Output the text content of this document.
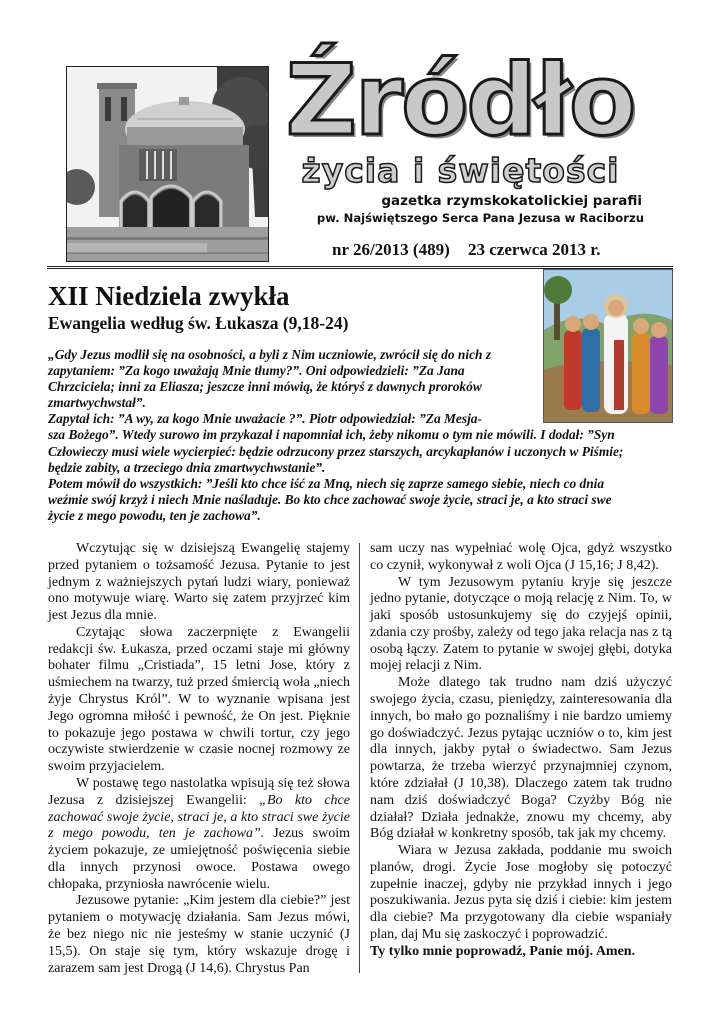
Źródło
życia i świętości
gazetka rzymskokatolickiej parafii
pw. Najświętszego Serca Pana Jezusa w Raciborzu
nr 26/2013 (489) 23 czerwca 2013 r.
XII Niedziela zwykła
Ewangelia według św. Łukasza (9,18-24)
„Gdy Jezus modlił się na osobności, a byli z Nim uczniowie, zwrócił się do nich z
zapytaniem: ”Za kogo uważają Mnie tłumy?”. Oni odpowiedzieli: ”Za Jana
Chrzciciela; inni za Eliasza; jeszcze inni mówią, że któryś z dawnych proroków
zmartwychwstał”.
Zapytał ich: ”A wy, za kogo Mnie uważacie ?”. Piotr odpowiedział: ”Za Mesja-
sza Bożego”. Wtedy surowo im przykazał i napomniał ich, żeby nikomu o tym nie mówili. I dodał: ”Syn
Człowieczy musi wiele wycierpieć: będzie odrzucony przez starszych, arcykapłanów i uczonych w Piśmie;
będzie zabity, a trzeciego dnia zmartwychwstanie”.
Potem mówił do wszystkich: ”Jeśli kto chce iść za Mną, niech się zaprze samego siebie, niech co dnia
weźmie swój krzyż i niech Mnie naśladuje. Bo kto chce zachować swoje życie, straci je, a kto straci swe
życie z mego powodu, ten je zachowa”.

Wczytując się w dzisiejszą Ewangelię stajemy przed pytaniem o tożsamość Jezusa. Pytanie to jest jednym z ważniejszych pytań ludzi wiary, ponieważ ono motywuje wiarę. Warto się zatem przyjrzeć kim jest Jezus dla mnie.

Czytając słowa zaczerpnięte z Ewangelii redakcji św. Łukasza, przed oczami staje mi główny bohater filmu „Cristiada”, 15 letni Jose, który z uśmiechem na twarzy, tuż przed śmiercią woła „niech żyje Chrystus Król”. W to wyznanie wpisana jest Jego ogromna miłość i pewność, że On jest. Pięknie to pokazuje jego postawa w chwili tortur, czy jego oczywiste stwierdzenie w czasie nocnej rozmowy ze swoim przyjacielem.

W postawę tego nastolatka wpisują się też słowa Jezusa z dzisiejszej Ewangelii: „Bo kto chce zachować swoje życie, straci je, a kto straci swe życie z mego powodu, ten je zachowa”. Jezus swoim życiem pokazuje, ze umiejętność poświęcenia siebie dla innych przynosi owoce. Postawa owego chłopaka, przyniosła nawrócenie wielu.

Jezusowe pytanie: „Kim jestem dla ciebie?” jest pytaniem o motywację działania. Sam Jezus mówi, że bez niego nic nie jesteśmy w stanie uczynić (J 15,5). On staje się tym, który wskazuje drogę i zarazem sam jest Drogą (J 14,6). Chrystus Pan

sam uczy nas wypełniać wolę Ojca, gdyż wszystko co czynił, wykonywał z woli Ojca (J 15,16; J 8,42).

W tym Jezusowym pytaniu kryje się jeszcze jedno pytanie, dotyczące o moją relację z Nim. To, w jaki sposób ustosunkujemy się do czyjejś opinii, zdania czy prośby, zależy od tego jaka relacja nas z tą osobą łączy. Zatem to pytanie w swojej głębi, dotyka mojej relacji z Nim.

Może dlatego tak trudno nam dziś użyczyć swojego życia, czasu, pieniędzy, zainteresowania dla innych, bo mało go poznaliśmy i nie bardzo umiemy go doświadczyć. Jezus pytając uczniów o to, kim jest dla innych, jakby pytał o świadectwo. Sam Jezus powtarza, że trzeba wierzyć przynajmniej czynom, które zdziałał (J 10,38). Dlaczego zatem tak trudno nam dziś doświadczyć Boga? Czyżby Bóg nie działał? Działa jednakże, znowu my chcemy, aby Bóg działał w konkretny sposób, tak jak my chcemy.

Wiara w Jezusa zakłada, poddanie mu swoich planów, drogi. Życie Jose mogłoby się potoczyć zupełnie inaczej, gdyby nie przykład innych i jego poszukiwania. Jezus pyta się dziś i ciebie: kim jestem dla ciebie? Ma przygotowany dla ciebie wspaniały plan, daj Mu się zaskoczyć i poprowadzić.

Ty tylko mnie poprowadź, Panie mój. Amen.
